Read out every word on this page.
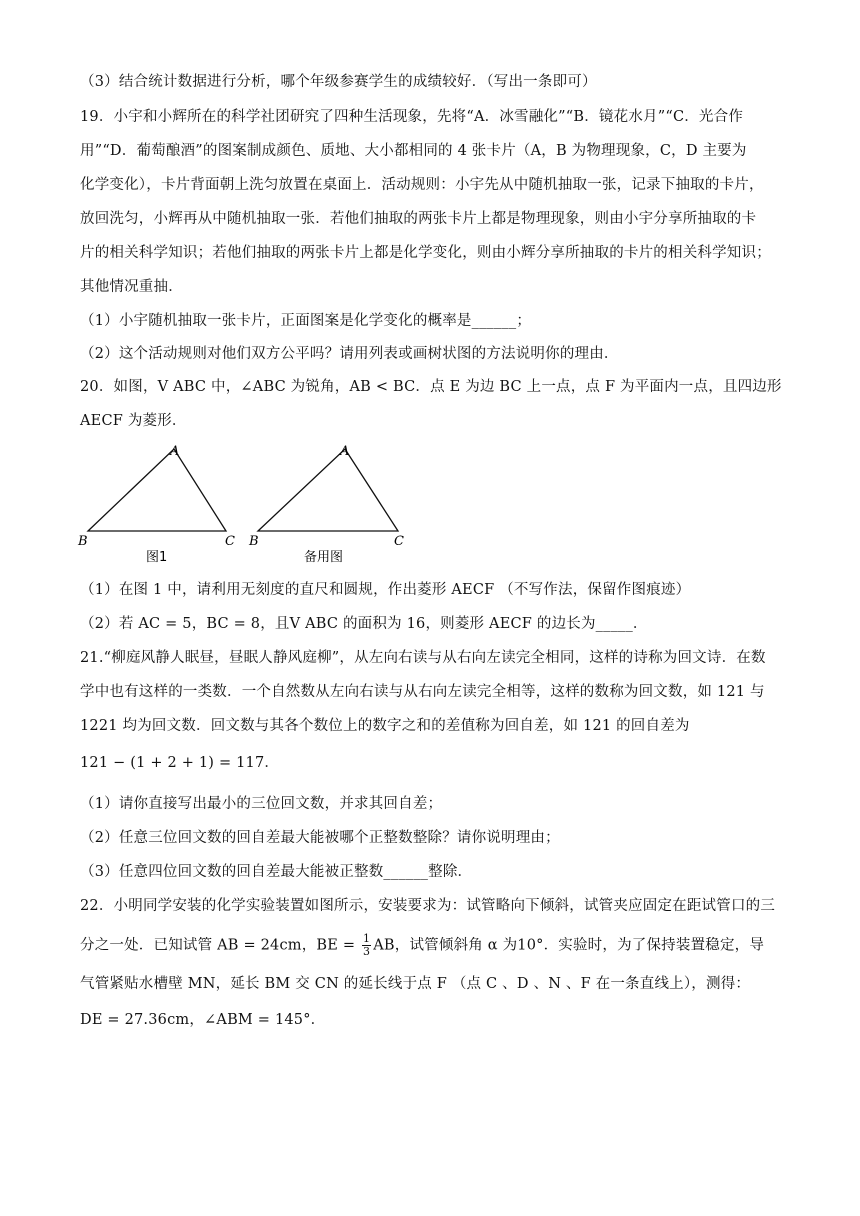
（3）结合统计数据进行分析，哪个年级参赛学生的成绩较好．（写出一条即可）
19．小宇和小辉所在的科学社团研究了四种生活现象，先将“A．冰雪融化”“B．镜花水月”“C．光合作
用”“D．葡萄酿酒”的图案制成颜色、质地、大小都相同的 4 张卡片（A，B 为物理现象，C，D 主要为
化学变化），卡片背面朝上洗匀放置在桌面上．活动规则：小宇先从中随机抽取一张，记录下抽取的卡片，
放回洗匀，小辉再从中随机抽取一张．若他们抽取的两张卡片上都是物理现象，则由小宇分享所抽取的卡
片的相关科学知识；若他们抽取的两张卡片上都是化学变化，则由小辉分享所抽取的卡片的相关科学知识；
其他情况重抽．
（1）小宇随机抽取一张卡片，正面图案是化学变化的概率是______；
（2）这个活动规则对他们双方公平吗？请用列表或画树状图的方法说明你的理由．
20．如图，V ABC 中，∠ABC 为锐角，AB < BC．点 E 为边 BC 上一点，点 F 为平面内一点，且四边形
AECF 为菱形．
A
B	C
图1
A
B	C
备用图
（1）在图 1 中，请利用无刻度的直尺和圆规，作出菱形 AECF （不写作法，保留作图痕迹）
（2）若 AC = 5，BC = 8，且V ABC 的面积为 16，则菱形 AECF 的边长为_____．
21.“柳庭风静人眠昼，昼眠人静风庭柳”，从左向右读与从右向左读完全相同，这样的诗称为回文诗．在数
学中也有这样的一类数．一个自然数从左向右读与从右向左读完全相等，这样的数称为回文数，如 121 与
1221 均为回文数．回文数与其各个数位上的数字之和的差值称为回自差，如 121 的回自差为
121 − (1 + 2 + 1) = 117．
（1）请你直接写出最小的三位回文数，并求其回自差；
（2）任意三位回文数的回自差最大能被哪个正整数整除？请你说明理由；
（3）任意四位回文数的回自差最大能被正整数______整除．
22．小明同学安装的化学实验装置如图所示，安装要求为：试管略向下倾斜，试管夹应固定在距试管口的三
分之一处．已知试管 AB = 24cm，BE = $\frac{1}{3}$ AB，试管倾斜角 α 为10°．实验时，为了保持装置稳定，导
气管紧贴水槽壁 MN，延长 BM 交 CN 的延长线于点 F （点 C 、D 、N 、F 在一条直线上），测得：
DE = 27.36cm，∠ABM = 145°．
